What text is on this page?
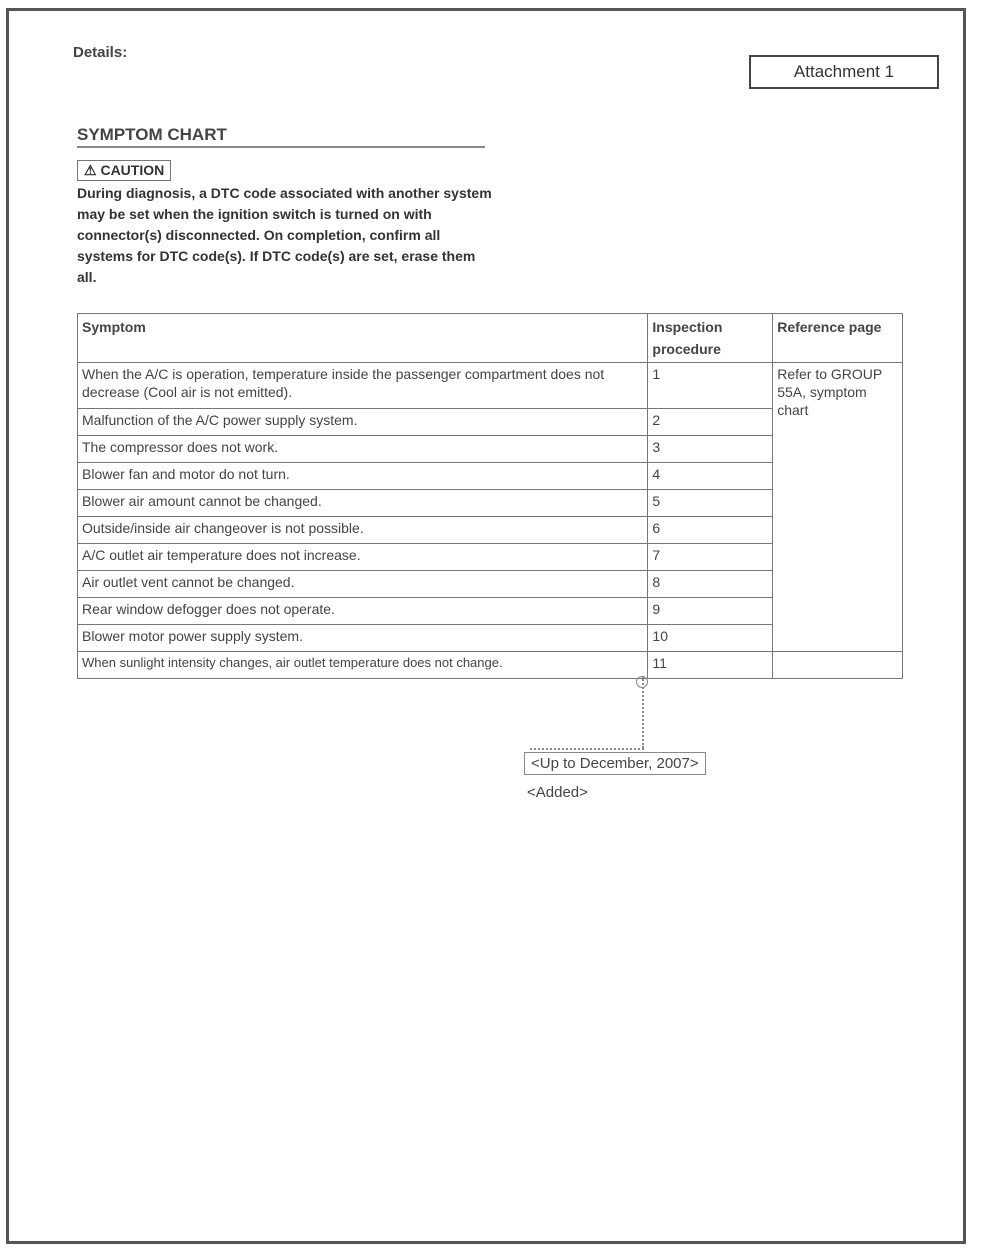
Details:
Attachment 1
SYMPTOM CHART
⚠ CAUTION
During diagnosis, a DTC code associated with another system may be set when the ignition switch is turned on with connector(s) disconnected. On completion, confirm all systems for DTC code(s). If DTC code(s) are set, erase them all.
Symptom	Inspection procedure	Reference page
When the A/C is operation, temperature inside the passenger compartment does not decrease (Cool air is not emitted).	1	Refer to GROUP 55A, symptom chart
Malfunction of the A/C power supply system.	2	
The compressor does not work.	3	
Blower fan and motor do not turn.	4	
Blower air amount cannot be changed.	5	
Outside/inside air changeover is not possible.	6	
A/C outlet air temperature does not increase.	7	
Air outlet vent cannot be changed.	8	
Rear window defogger does not operate.	9	
Blower motor power supply system.	10	
When sunlight intensity changes, air outlet temperature does not change.	11	
<Up to December, 2007>
<Added>
